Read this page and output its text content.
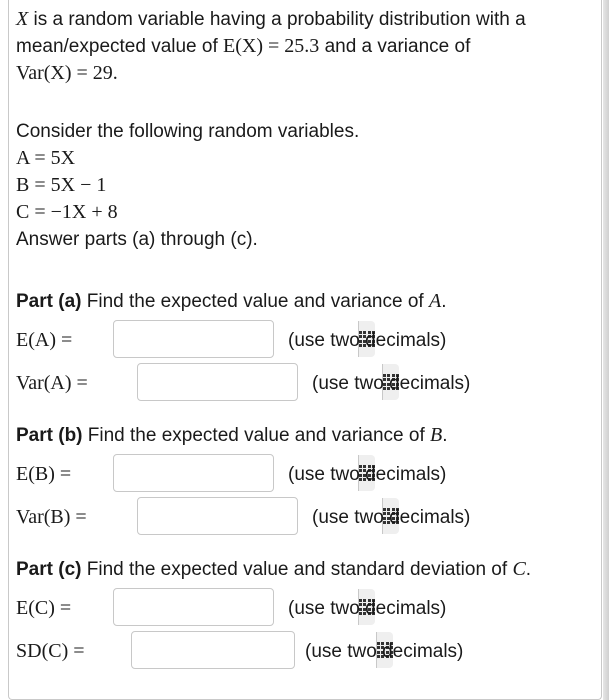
X is a random variable having a probability distribution with a
mean/expected value of E(X) = 25.3 and a variance of
Var(X) = 29.
Consider the following random variables.
A = 5X
B = 5X − 1
C = −1X + 8
Answer parts (a) through (c).
Part (a) Find the expected value and variance of A.
E(A) =	(use two decimals)
Var(A) =	(use two decimals)
Part (b) Find the expected value and variance of B.
E(B) =	(use two decimals)
Var(B) =	(use two decimals)
Part (c) Find the expected value and standard deviation of C.
E(C) =	(use two decimals)
SD(C) =	(use two decimals)
